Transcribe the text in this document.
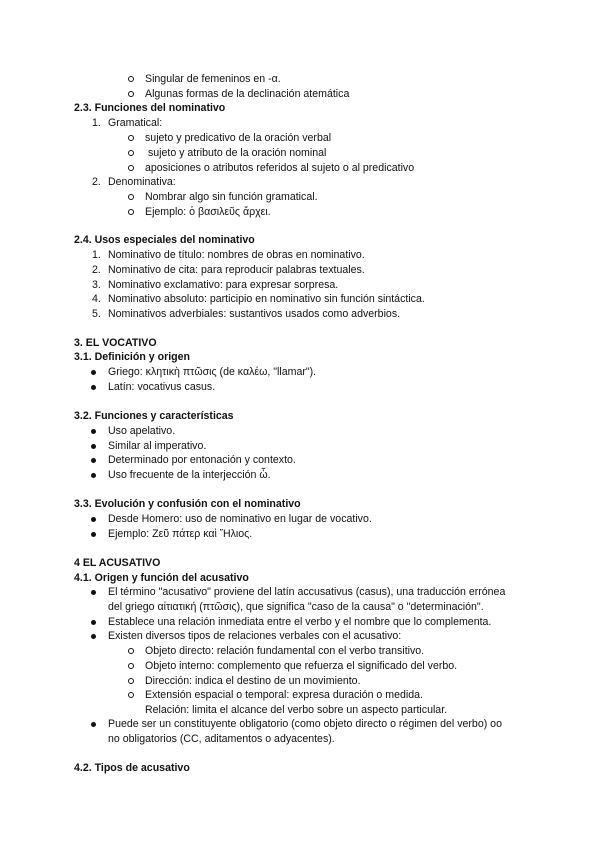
Singular de femeninos en -α.
Algunas formas de la declinación atemática
2.3. Funciones del nominativo
1. Gramatical:
sujeto y predicativo de la oración verbal
sujeto y atributo de la oración nominal
aposiciones o atributos referidos al sujeto o al predicativo
2. Denominativa:
Nombrar algo sin función gramatical.
Ejemplo: ὁ βασιλεῦς ἄρχει.
2.4. Usos especiales del nominativo
1. Nominativo de título: nombres de obras en nominativo.
2. Nominativo de cita: para reproducir palabras textuales.
3. Nominativo exclamativo: para expresar sorpresa.
4. Nominativo absoluto: participio en nominativo sin función sintáctica.
5. Nominativos adverbiales: sustantivos usados como adverbios.
3. EL VOCATIVO
3.1. Definición y origen
Griego: κλητικὴ πτῶσις (de καλέω, "llamar").
Latín: vocativus casus.
3.2. Funciones y características
Uso apelativo.
Similar al imperativo.
Determinado por entonación y contexto.
Uso frecuente de la interjección ὦ.
3.3. Evolución y confusión con el nominativo
Desde Homero: uso de nominativo en lugar de vocativo.
Ejemplo: Ζεῦ πάτερ καὶ Ἥλιος.
4 EL ACUSATIVO
4.1. Origen y función del acusativo
El término "acusativo" proviene del latín accusativus (casus), una traducción errónea
del griego αἰτιατική (πτῶσις), que significa "caso de la causa" o "determinación".
Establece una relación inmediata entre el verbo y el nombre que lo complementa.
Existen diversos tipos de relaciones verbales con el acusativo:
Objeto directo: relación fundamental con el verbo transitivo.
Objeto interno: complemento que refuerza el significado del verbo.
Dirección: indica el destino de un movimiento.
Extensión espacial o temporal: expresa duración o medida.
Relación: limita el alcance del verbo sobre un aspecto particular.
Puede ser un constituyente obligatorio (como objeto directo o régimen del verbo) oo
no obligatorios (CC, aditamentos o adyacentes).
4.2. Tipos de acusativo
